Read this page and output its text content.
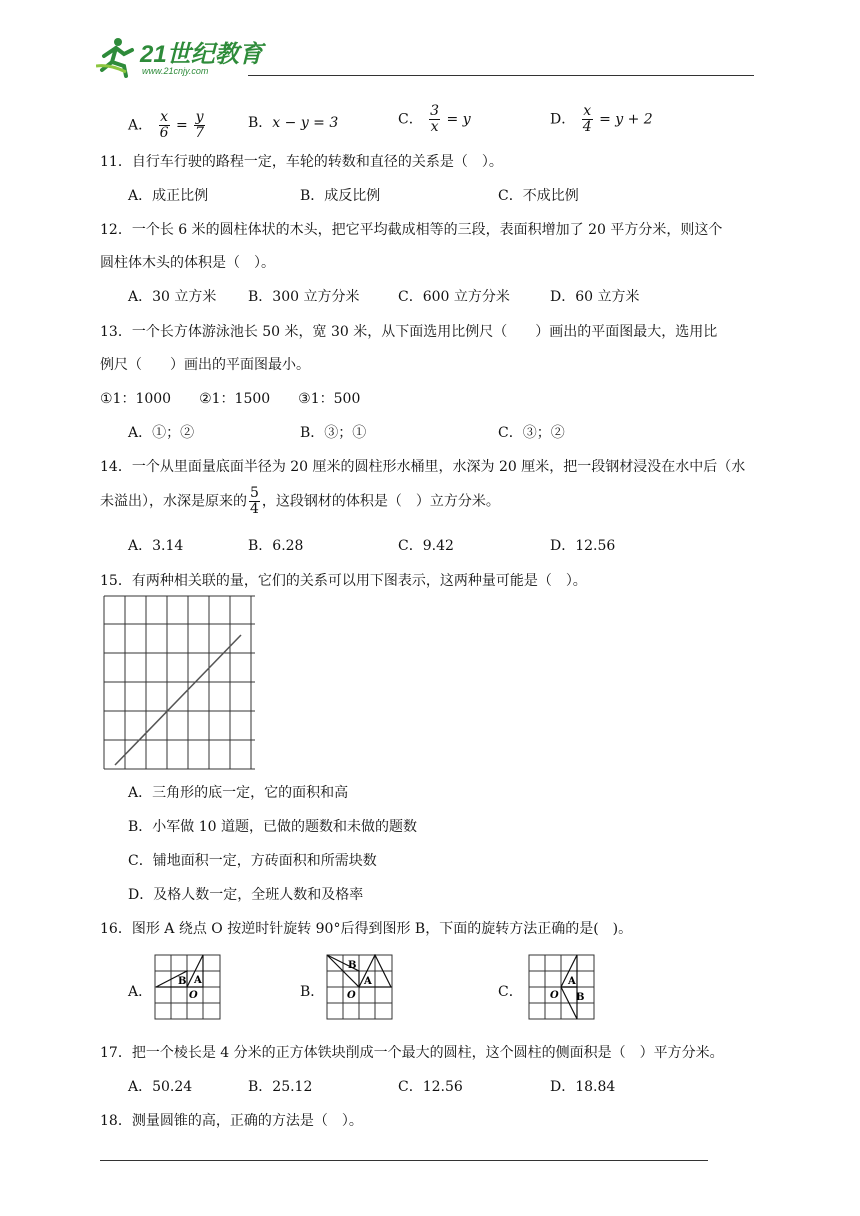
21世纪教育
www.21cnjy.com
A． $\frac{x}{6} = \frac{y}{7}$	B．x − y = 3	C． $\frac{3}{x} = y$	D． $\frac{x}{4} = y + 2$
11．自行车行驶的路程一定，车轮的转数和直径的关系是（　）。
A．成正比例	B．成反比例	C．不成比例
12．一个长 6 米的圆柱体状的木头，把它平均截成相等的三段，表面积增加了 20 平方分米，则这个
圆柱体木头的体积是（　）。
A．30 立方米 B．300 立方分米	C．600 立方分米	D．60 立方米
13．一个长方体游泳池长 50 米，宽 30 米，从下面选用比例尺（　　）画出的平面图最大，选用比
例尺（　　）画出的平面图最小。
①1：1000　　②1：1500　　③1：500
A．①；②	B．③；①	C．③；②
14．一个从里面量底面半径为 20 厘米的圆柱形水桶里，水深为 20 厘米，把一段钢材浸没在水中后（水
未溢出），水深是原来的 $\frac{5}{4}$ ，这段钢材的体积是（　）立方分米。
A．3.14	B．6.28	C．9.42	D．12.56
15．有两种相关联的量，它们的关系可以用下图表示，这两种量可能是（　）。
A．三角形的底一定，它的面积和高
B．小军做 10 道题，已做的题数和未做的题数
C．铺地面积一定，方砖面积和所需块数
D．及格人数一定，全班人数和及格率
16．图形 A 绕点 O 按逆时针旋转 90°后得到图形 B，下面的旋转方法正确的是(　)。
A．
B A
O	B．
B
A
O	C．
A
B
O
17．把一个棱长是 4 分米的正方体铁块削成一个最大的圆柱，这个圆柱的侧面积是（　）平方分米。
A．50.24	B．25.12	C．12.56	D．18.84
18．测量圆锥的高，正确的方法是（　）。
